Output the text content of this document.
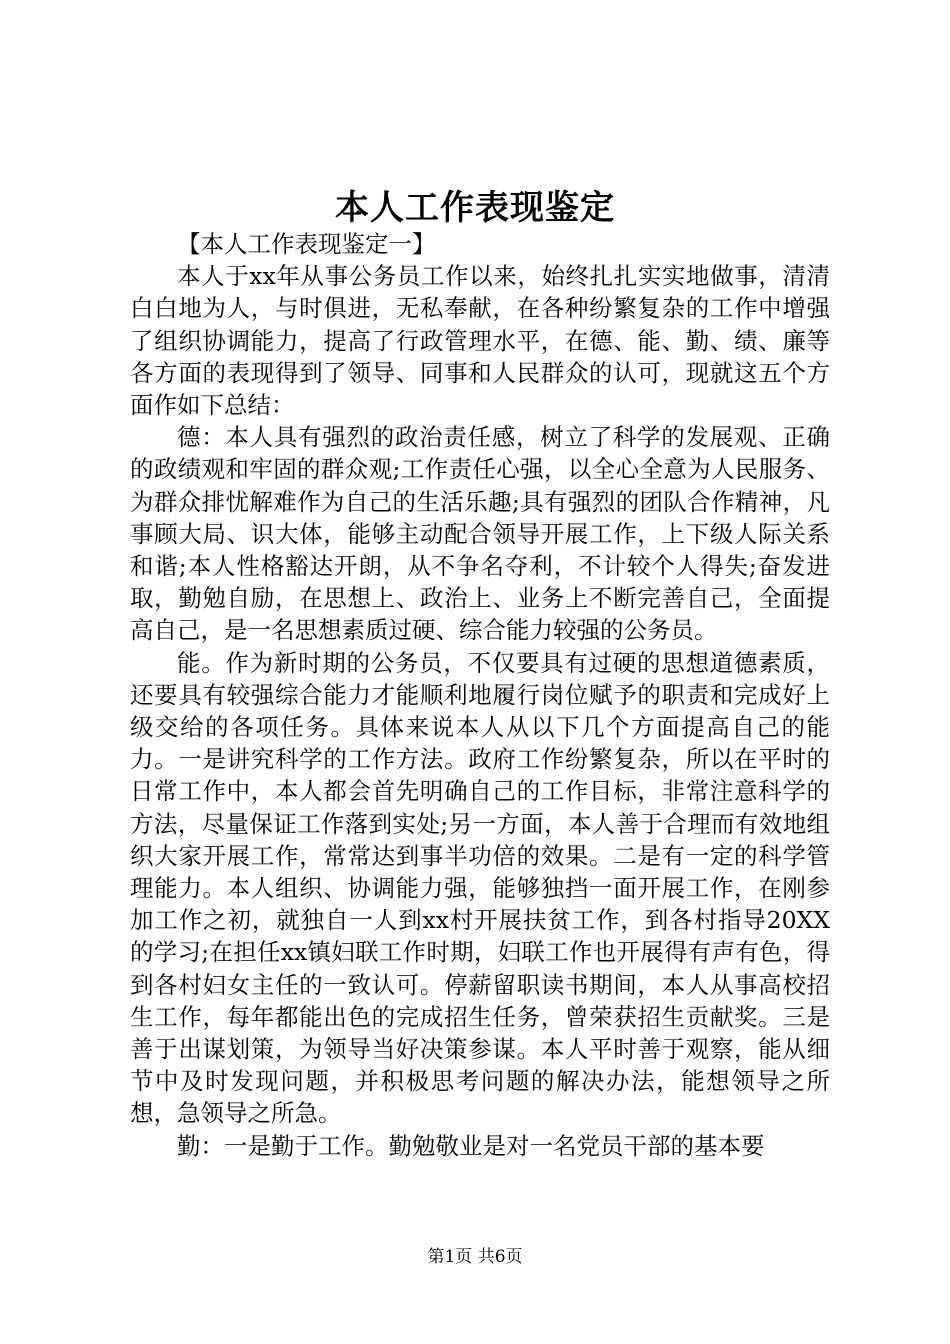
本人工作表现鉴定

【本人工作表现鉴定一】

本人于xx年从事公务员工作以来，始终扎扎实实地做事，清清白白地为人，与时俱进，无私奉献，在各种纷繁复杂的工作中增强了组织协调能力，提高了行政管理水平，在德、能、勤、绩、廉等各方面的表现得到了领导、同事和人民群众的认可，现就这五个方面作如下总结：

德：本人具有强烈的政治责任感，树立了科学的发展观、正确的政绩观和牢固的群众观;工作责任心强，以全心全意为人民服务、为群众排忧解难作为自己的生活乐趣;具有强烈的团队合作精神，凡事顾大局、识大体，能够主动配合领导开展工作，上下级人际关系和谐;本人性格豁达开朗，从不争名夺利，不计较个人得失;奋发进取，勤勉自励，在思想上、政治上、业务上不断完善自己，全面提高自己，是一名思想素质过硬、综合能力较强的公务员。

能。作为新时期的公务员，不仅要具有过硬的思想道德素质，还要具有较强综合能力才能顺利地履行岗位赋予的职责和完成好上级交给的各项任务。具体来说本人从以下几个方面提高自己的能力。一是讲究科学的工作方法。政府工作纷繁复杂，所以在平时的日常工作中，本人都会首先明确自己的工作目标，非常注意科学的方法，尽量保证工作落到实处;另一方面，本人善于合理而有效地组织大家开展工作，常常达到事半功倍的效果。二是有一定的科学管理能力。本人组织、协调能力强，能够独挡一面开展工作，在刚参加工作之初，就独自一人到xx村开展扶贫工作，到各村指导20XX的学习;在担任xx镇妇联工作时期，妇联工作也开展得有声有色，得到各村妇女主任的一致认可。停薪留职读书期间，本人从事高校招生工作，每年都能出色的完成招生任务，曾荣获招生贡献奖。三是善于出谋划策，为领导当好决策参谋。本人平时善于观察，能从细节中及时发现问题，并积极思考问题的解决办法，能想领导之所想，急领导之所急。

勤：一是勤于工作。勤勉敬业是对一名党员干部的基本要

第1页 共6页
